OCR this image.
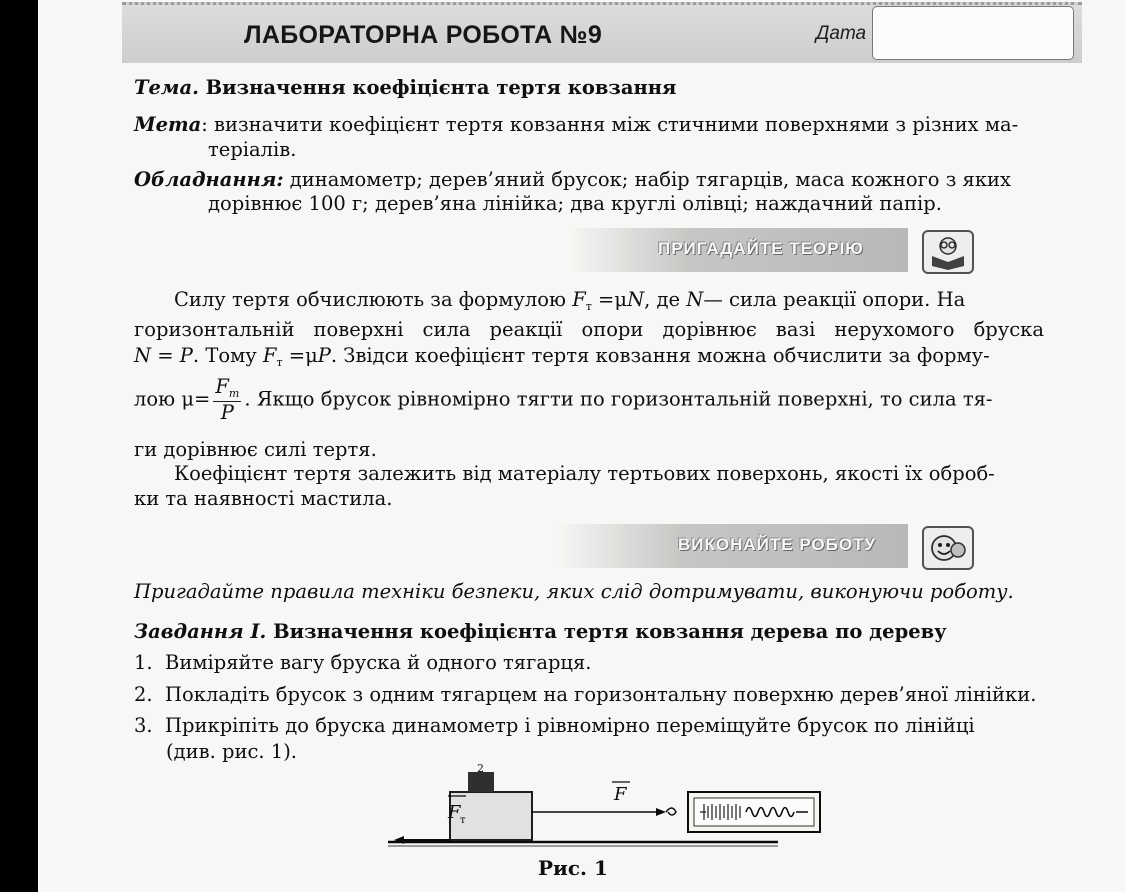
ЛАБОРАТОРНА РОБОТА №9	Дата
Тема. Визначення коефіцієнта тертя ковзання
Мета: визначити коефіцієнт тертя ковзання між стичними поверхнями з різних ма-
теріалів.
Обладнання: динамометр; дерев’яний брусок; набір тягарців, маса кожного з яких
дорівнює 100 г; дерев’яна лінійка; два круглі олівці; наждачний папір.
ПРИГАДАЙТЕ ТЕОРІЮ
Силу тертя обчислюють за формулою $F_т =\mu N$, де N— сила реакції опори. На
горизонтальній поверхні сила реакції опори дорівнює вазі нерухомого бруска
N = P. Тому $F_т =\mu P$. Звідси коефіцієнт тертя ковзання можна обчислити за форму-
лою $\mu= \frac{F_т}{P}$ . Якщо брусок рівномірно тягти по горизонтальній поверхні, то сила тя-
ги дорівнює силі тертя.
Коефіцієнт тертя залежить від матеріалу тертьових поверхонь, якості їх оброб-
ки та наявності мастила.
ВИКОНАЙТЕ РОБОТУ
Пригадайте правила техніки безпеки, яких слід дотримувати, виконуючи роботу.
Завдання I. Визначення коефіцієнта тертя ковзання дерева по дереву
1. Виміряйте вагу бруска й одного тягарця.
2. Покладіть брусок з одним тягарцем на горизонтальну поверхню дерев’яної лінійки.
3. Прикріпіть до бруска динамометр і рівномірно переміщуйте брусок по лінійці
(див. рис. 1).
2
F т
F
Рис. 1
